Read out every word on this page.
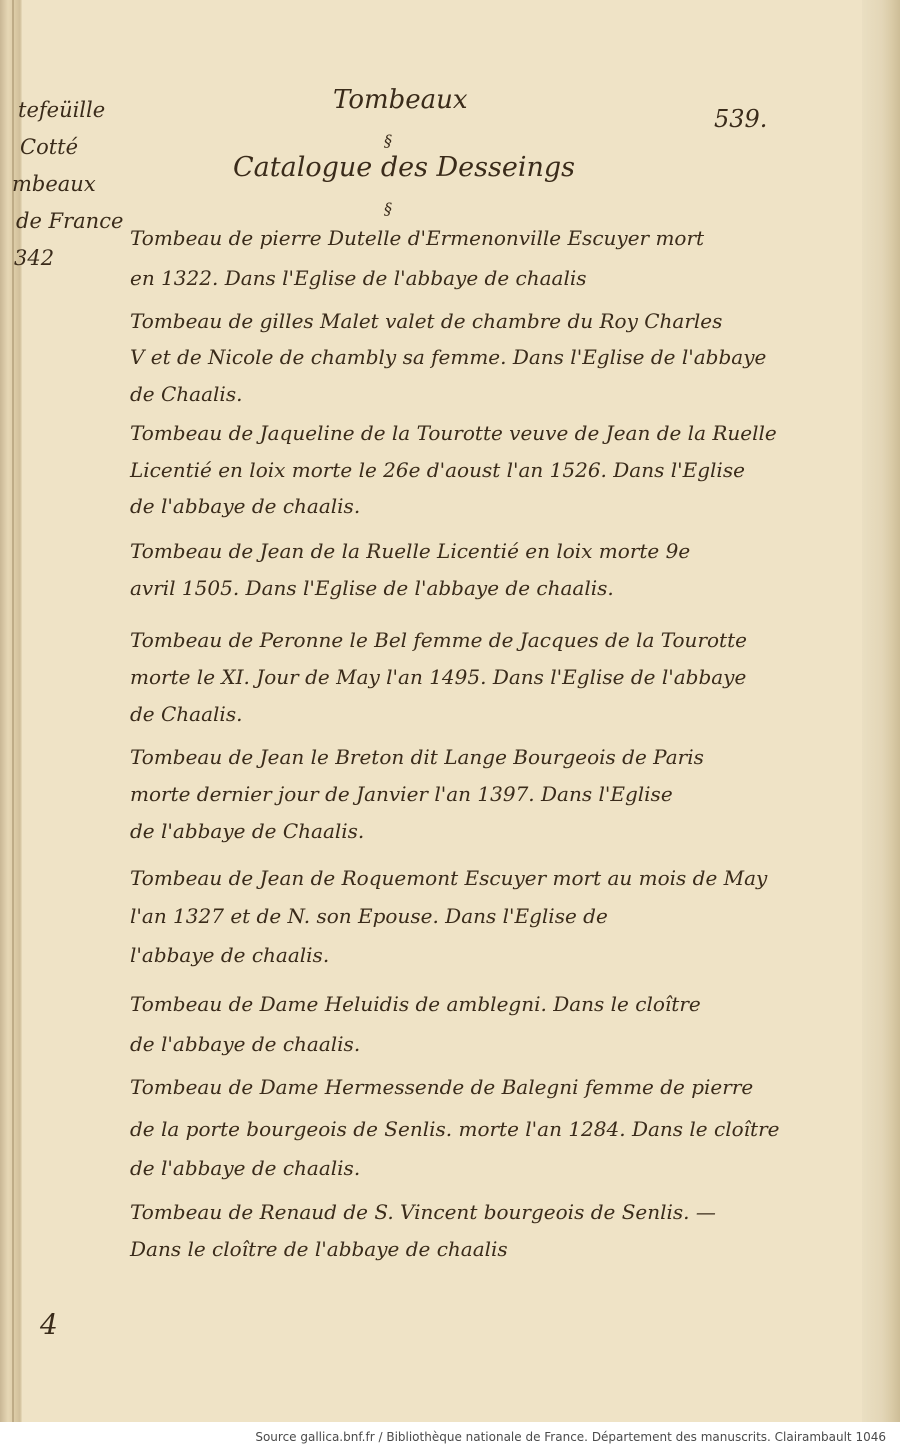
tefeüille
Cotté
mbeaux
de France
342
Tombeaux
§
Catalogue des Desseings
§
539.
Tombeau de pierre Dutelle d'Ermenonville Escuyer mort
en 1322. Dans l'Eglise de l'abbaye de chaalis
Tombeau de gilles Malet valet de chambre du Roy Charles
V et de Nicole de chambly sa femme. Dans l'Eglise de l'abbaye
de Chaalis.
Tombeau de Jaqueline de la Tourotte veuve de Jean de la Ruelle
Licentié en loix morte le 26e d'aoust l'an 1526. Dans l'Eglise
de l'abbaye de chaalis.
Tombeau de Jean de la Ruelle Licentié en loix morte 9e
avril 1505. Dans l'Eglise de l'abbaye de chaalis.
Tombeau de Peronne le Bel femme de Jacques de la Tourotte
morte le XI. Jour de May l'an 1495. Dans l'Eglise de l'abbaye
de Chaalis.
Tombeau de Jean le Breton dit Lange Bourgeois de Paris
morte dernier jour de Janvier l'an 1397. Dans l'Eglise
de l'abbaye de Chaalis.
Tombeau de Jean de Roquemont Escuyer mort au mois de May
l'an 1327 et de N. son Epouse. Dans l'Eglise de
l'abbaye de chaalis.
Tombeau de Dame Heluidis de amblegni. Dans le cloître
de l'abbaye de chaalis.
Tombeau de Dame Hermessende de Balegni femme de pierre
de la porte bourgeois de Senlis. morte l'an 1284. Dans le cloître
de l'abbaye de chaalis.
Tombeau de Renaud de S. Vincent bourgeois de Senlis. —
Dans le cloître de l'abbaye de chaalis
4
Source gallica.bnf.fr / Bibliothèque nationale de France. Département des manuscrits. Clairambault 1046
